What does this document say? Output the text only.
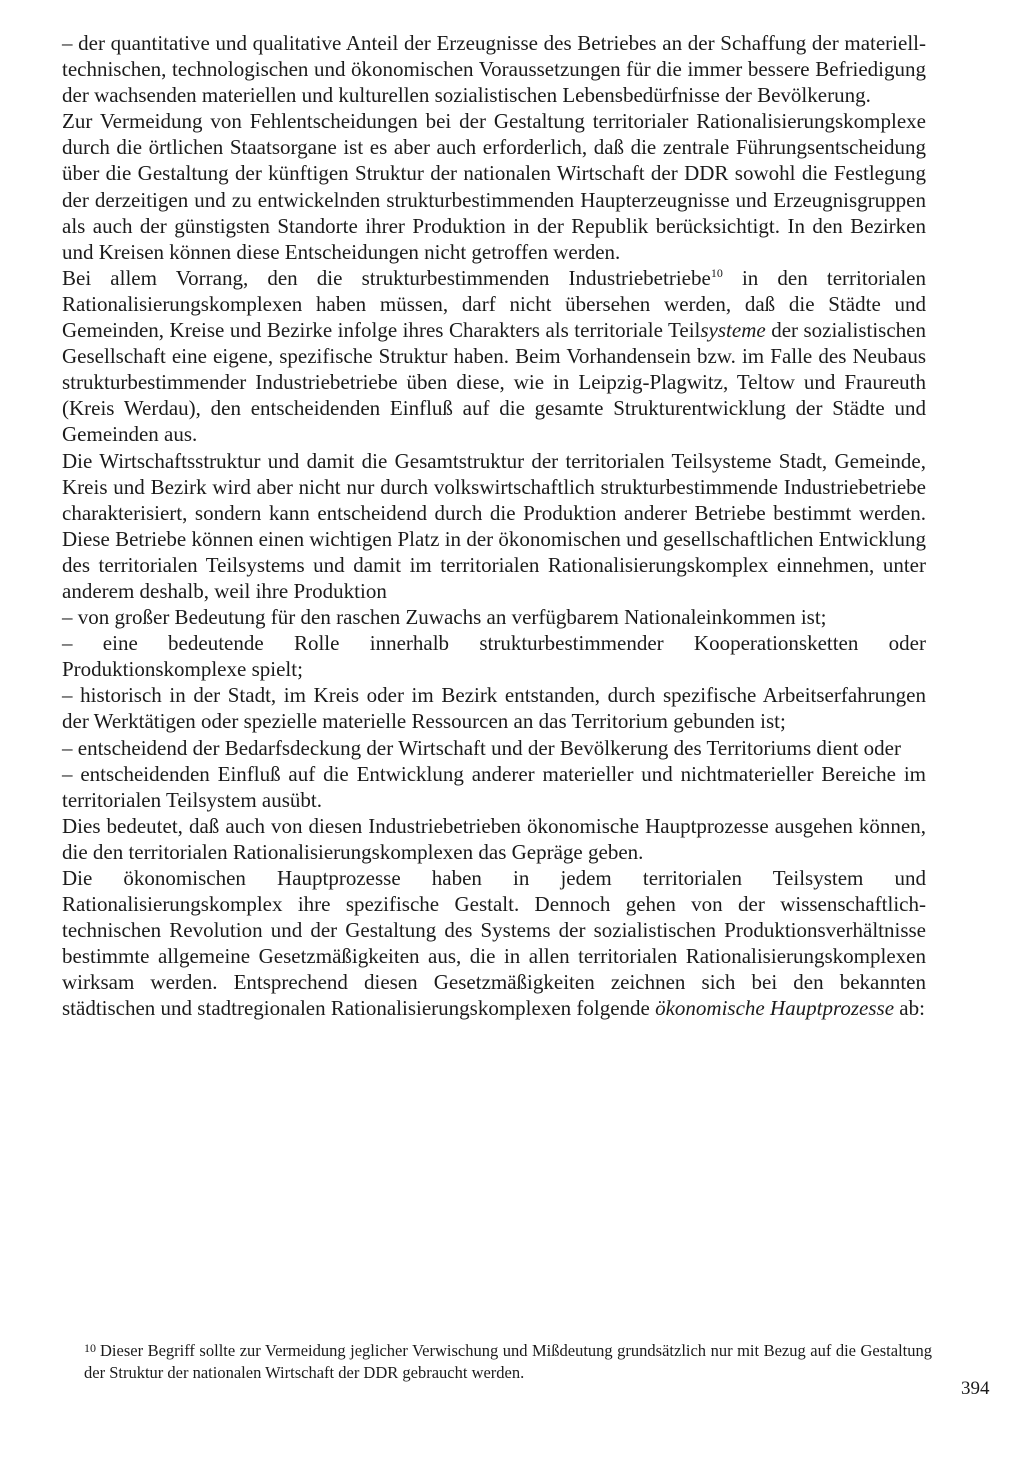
– der quantitative und qualitative Anteil der Erzeugnisse des Betriebes an der Schaffung der materiell-technischen, technologischen und ökonomischen Voraussetzungen für die immer bessere Befriedigung der wachsenden materiellen und kulturellen sozialistischen Lebensbedürfnisse der Bevölkerung.

Zur Vermeidung von Fehlentscheidungen bei der Gestaltung territorialer Rationalisierungskomplexe durch die örtlichen Staatsorgane ist es aber auch erforderlich, daß die zentrale Führungsentscheidung über die Gestaltung der künftigen Struktur der nationalen Wirtschaft der DDR sowohl die Festlegung der derzeitigen und zu entwickelnden strukturbestimmenden Haupterzeugnisse und Erzeugnisgruppen als auch der günstigsten Standorte ihrer Produktion in der Republik berücksichtigt. In den Bezirken und Kreisen können diese Entscheidungen nicht getroffen werden.

Bei allem Vorrang, den die strukturbestimmenden Industriebetriebe$^{10}$ in den territorialen Rationalisierungskomplexen haben müssen, darf nicht übersehen werden, daß die Städte und Gemeinden, Kreise und Bezirke infolge ihres Charakters als territoriale Teilsysteme der sozialistischen Gesellschaft eine eigene, spezifische Struktur haben. Beim Vorhandensein bzw. im Falle des Neubaus strukturbestimmender Industriebetriebe üben diese, wie in Leipzig-Plagwitz, Teltow und Fraureuth (Kreis Werdau), den entscheidenden Einfluß auf die gesamte Strukturentwicklung der Städte und Gemeinden aus.

Die Wirtschaftsstruktur und damit die Gesamtstruktur der territorialen Teilsysteme Stadt, Gemeinde, Kreis und Bezirk wird aber nicht nur durch volkswirtschaftlich strukturbestimmende Industriebetriebe charakterisiert, sondern kann entscheidend durch die Produktion anderer Betriebe bestimmt werden. Diese Betriebe können einen wichtigen Platz in der ökonomischen und gesellschaftlichen Entwicklung des territorialen Teilsystems und damit im territorialen Rationalisierungskomplex einnehmen, unter anderem deshalb, weil ihre Produktion

– von großer Bedeutung für den raschen Zuwachs an verfügbarem Nationaleinkommen ist;

– eine bedeutende Rolle innerhalb strukturbestimmender Kooperationsketten oder Produktionskomplexe spielt;

– historisch in der Stadt, im Kreis oder im Bezirk entstanden, durch spezifische Arbeitserfahrungen der Werktätigen oder spezielle materielle Ressourcen an das Territorium gebunden ist;

– entscheidend der Bedarfsdeckung der Wirtschaft und der Bevölkerung des Territoriums dient oder

– entscheidenden Einfluß auf die Entwicklung anderer materieller und nichtmaterieller Bereiche im territorialen Teilsystem ausübt.

Dies bedeutet, daß auch von diesen Industriebetrieben ökonomische Hauptprozesse ausgehen können, die den territorialen Rationalisierungskomplexen das Gepräge geben.

Die ökonomischen Hauptprozesse haben in jedem territorialen Teilsystem und Rationalisierungskomplex ihre spezifische Gestalt. Dennoch gehen von der wissenschaftlich-technischen Revolution und der Gestaltung des Systems der sozialistischen Produktionsverhältnisse bestimmte allgemeine Gesetzmäßigkeiten aus, die in allen territorialen Rationalisierungskomplexen wirksam werden. Entsprechend diesen Gesetzmäßigkeiten zeichnen sich bei den bekannten städtischen und stadtregionalen Rationalisierungskomplexen folgende ökonomische Hauptprozesse ab:

$^{10}$ Dieser Begriff sollte zur Vermeidung jeglicher Verwischung und Mißdeutung grundsätzlich nur mit Bezug auf die Gestaltung der Struktur der nationalen Wirtschaft der DDR gebraucht werden.

394
